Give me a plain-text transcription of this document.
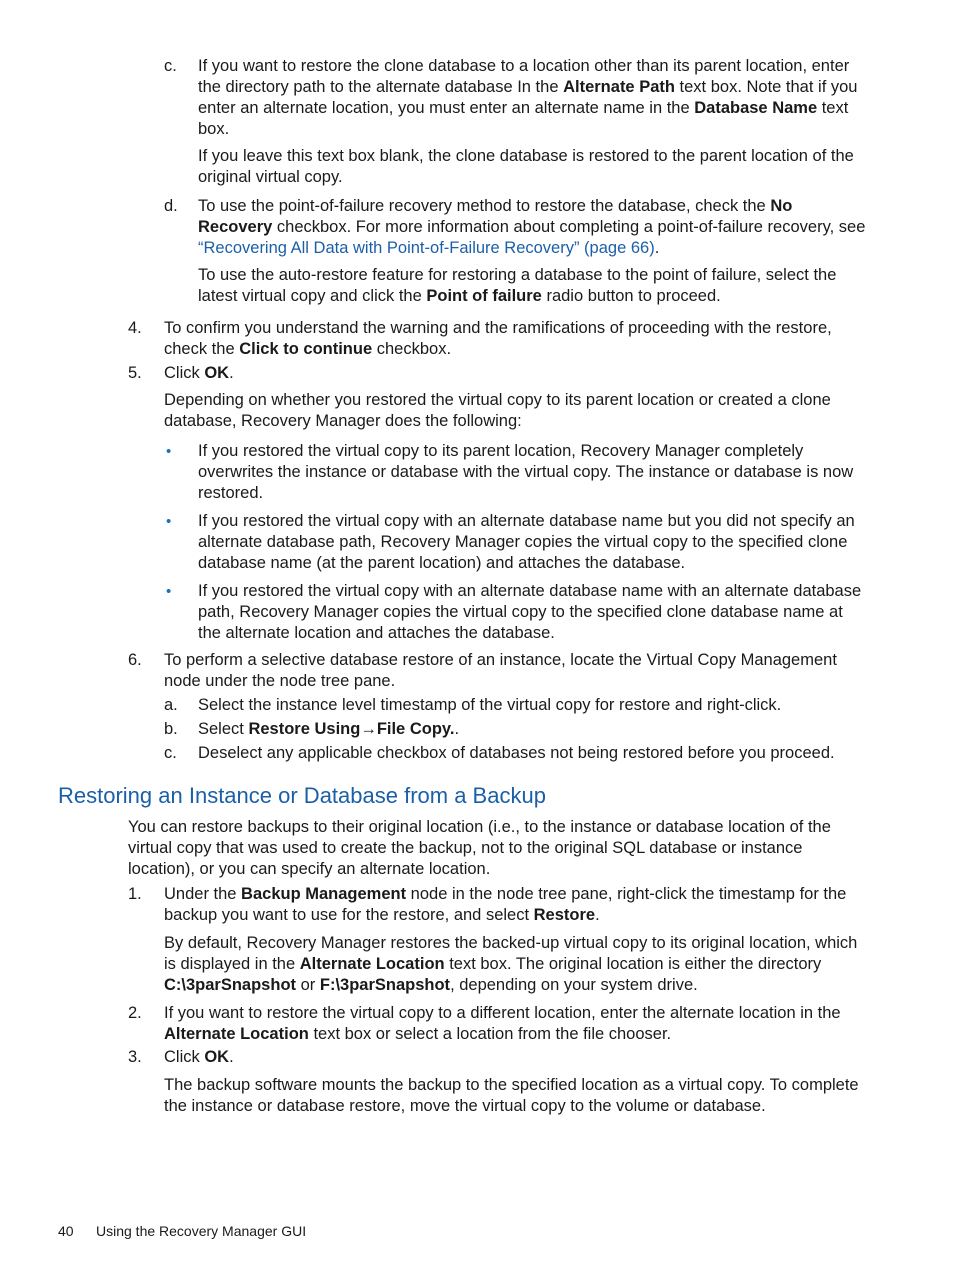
c. If you want to restore the clone database to a location other than its parent location, enter the directory path to the alternate database In the Alternate Path text box. Note that if you enter an alternate location, you must enter an alternate name in the Database Name text box.

If you leave this text box blank, the clone database is restored to the parent location of the original virtual copy.

d. To use the point-of-failure recovery method to restore the database, check the No Recovery checkbox. For more information about completing a point-of-failure recovery, see “Recovering All Data with Point-of-Failure Recovery” (page 66).

To use the auto-restore feature for restoring a database to the point of failure, select the latest virtual copy and click the Point of failure radio button to proceed.

4. To confirm you understand the warning and the ramifications of proceeding with the restore, check the Click to continue checkbox.

5. Click OK.

Depending on whether you restored the virtual copy to its parent location or created a clone database, Recovery Manager does the following:

• If you restored the virtual copy to its parent location, Recovery Manager completely overwrites the instance or database with the virtual copy. The instance or database is now restored.

• If you restored the virtual copy with an alternate database name but you did not specify an alternate database path, Recovery Manager copies the virtual copy to the specified clone database name (at the parent location) and attaches the database.

• If you restored the virtual copy with an alternate database name with an alternate database path, Recovery Manager copies the virtual copy to the specified clone database name at the alternate location and attaches the database.

6. To perform a selective database restore of an instance, locate the Virtual Copy Management node under the node tree pane.

a. Select the instance level timestamp of the virtual copy for restore and right-click.

b. Select Restore Using→File Copy..

c. Deselect any applicable checkbox of databases not being restored before you proceed.

Restoring an Instance or Database from a Backup

You can restore backups to their original location (i.e., to the instance or database location of the virtual copy that was used to create the backup, not to the original SQL database or instance location), or you can specify an alternate location.

1. Under the Backup Management node in the node tree pane, right-click the timestamp for the backup you want to use for the restore, and select Restore.

By default, Recovery Manager restores the backed-up virtual copy to its original location, which is displayed in the Alternate Location text box. The original location is either the directory C:\3parSnapshot or F:\3parSnapshot, depending on your system drive.

2. If you want to restore the virtual copy to a different location, enter the alternate location in the Alternate Location text box or select a location from the file chooser.

3. Click OK.

The backup software mounts the backup to the specified location as a virtual copy. To complete the instance or database restore, move the virtual copy to the volume or database.

40 Using the Recovery Manager GUI
